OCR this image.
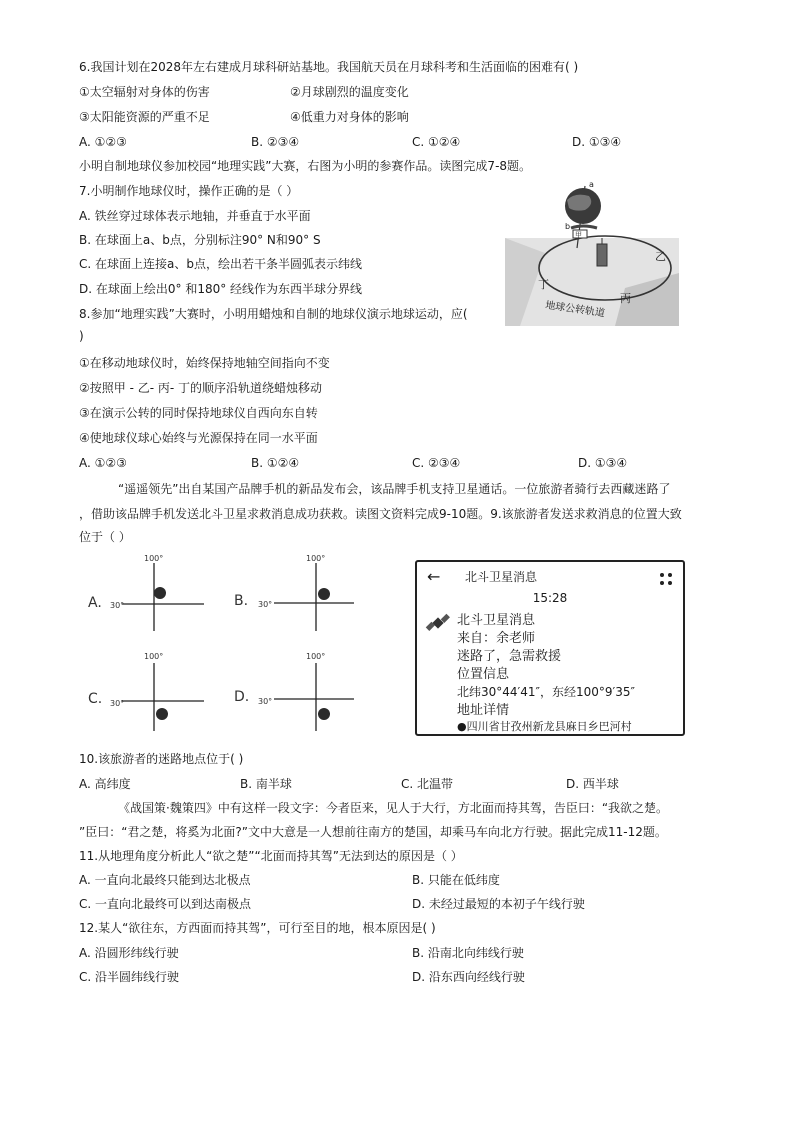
6.我国计划在2028年左右建成月球科研站基地。我国航天员在月球科考和生活面临的困难有( )
①太空辐射对身体的伤害	②月球剧烈的温度变化
③太阳能资源的严重不足	④低重力对身体的影响
A. ①②③	B. ②③④	C. ①②④	D. ①③④
小明自制地球仪参加校园“地理实践”大赛，右图为小明的参赛作品。读图完成7-8题。
a
b
甲
乙
丙
丁
地球公转轨道
7.小明制作地球仪时，操作正确的是（ ）
A. 铁丝穿过球体表示地轴，并垂直于水平面
B. 在球面上a、b点，分别标注90° N和90° S
C. 在球面上连接a、b点，绘出若干条半圆弧表示纬线
D. 在球面上绘出0° 和180° 经线作为东西半球分界线
8.参加“地理实践”大赛时，小明用蜡烛和自制的地球仪演示地球运动，应(
)
①在移动地球仪时，始终保持地轴空间指向不变
②按照甲 - 乙- 丙- 丁的顺序沿轨道绕蜡烛移动
③在演示公转的同时保持地球仪自西向东自转
④使地球仪球心始终与光源保持在同一水平面
A. ①②③	B. ①②④	C. ②③④	D. ①③④
“遥遥领先”出自某国产品牌手机的新品发布会，该品牌手机支持卫星通话。一位旅游者骑行去西藏迷路了
，借助该品牌手机发送北斗卫星求救消息成功获救。读图文资料完成9-10题。9.该旅游者发送求救消息的位置大致
位于（ ）
A.
100°
30°	B.
100°
30°
C.
100°
30°	D.
100°
30°
← 北斗卫星消息
15:28
北斗卫星消息
来自：余老师
迷路了，急需救援
位置信息
北纬30°44′41″，东经100°9′35″
地址详情
●四川省甘孜州新龙县麻日乡巴河村
10.该旅游者的迷路地点位于( )
A. 高纬度	B. 南半球	C. 北温带	D. 西半球
《战国策·魏策四》中有这样一段文字：今者臣来，见人于大行，方北面而持其驾，告臣曰：“我欲之楚。
”臣曰：“君之楚，将奚为北面?”文中大意是一人想前往南方的楚国，却乘马车向北方行驶。据此完成11-12题。
11.从地理角度分析此人“欲之楚”“北面而持其驾”无法到达的原因是（ ）
A. 一直向北最终只能到达北极点	B. 只能在低纬度
C. 一直向北最终可以到达南极点	D. 未经过最短的本初子午线行驶
12.某人“欲往东，方西面而持其驾”，可行至目的地，根本原因是( )
A. 沿圆形纬线行驶	B. 沿南北向纬线行驶
C. 沿半圆纬线行驶	D. 沿东西向经线行驶
